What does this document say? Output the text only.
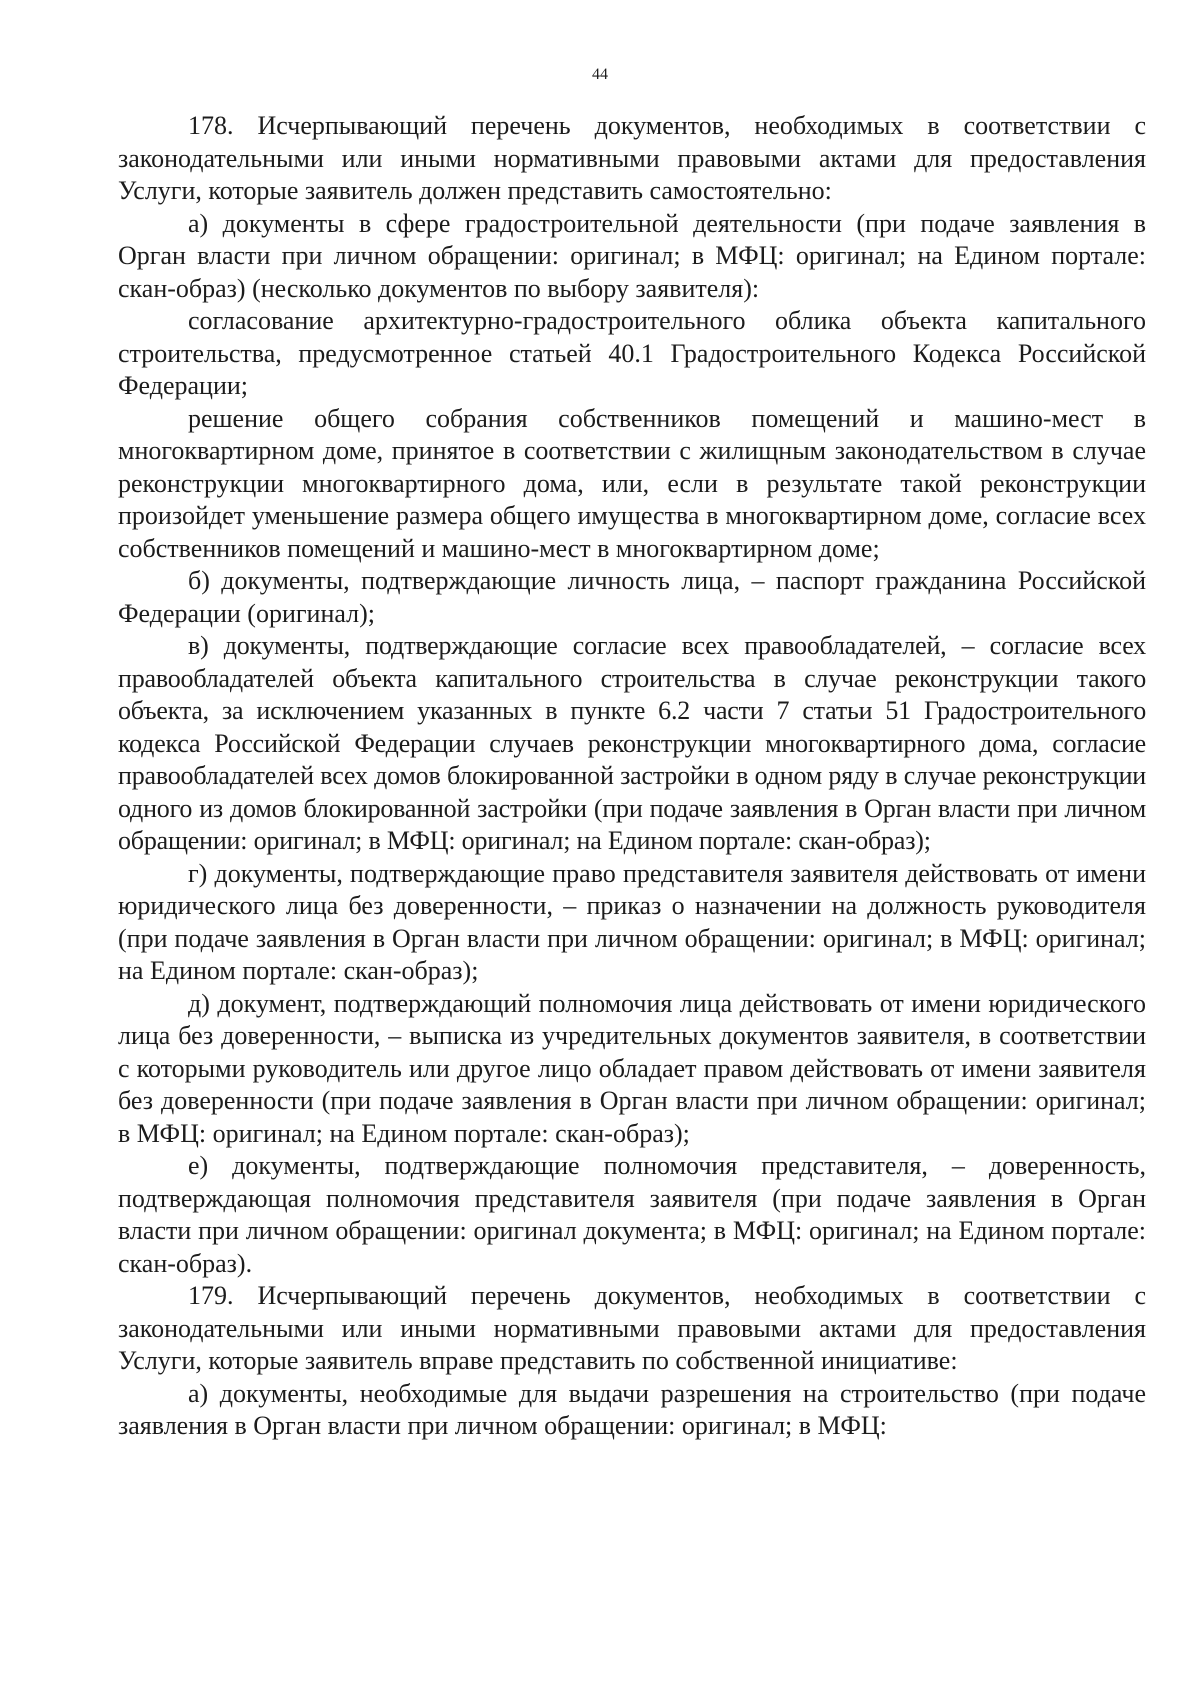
44

178. Исчерпывающий перечень документов, необходимых в соответствии с законодательными или иными нормативными правовыми актами для предоставления Услуги, которые заявитель должен представить самостоятельно:

а) документы в сфере градостроительной деятельности (при подаче заявления в Орган власти при личном обращении: оригинал; в МФЦ: оригинал; на Едином портале: скан-образ) (несколько документов по выбору заявителя):

согласование архитектурно-градостроительного облика объекта капитального строительства, предусмотренное статьей 40.1 Градостроительного Кодекса Российской Федерации;

решение общего собрания собственников помещений и машино-мест в многоквартирном доме, принятое в соответствии с жилищным законодательством в случае реконструкции многоквартирного дома, или, если в результате такой реконструкции произойдет уменьшение размера общего имущества в многоквартирном доме, согласие всех собственников помещений и машино-мест в многоквартирном доме;

б) документы, подтверждающие личность лица, – паспорт гражданина Российской Федерации (оригинал);

в) документы, подтверждающие согласие всех правообладателей, – согласие всех правообладателей объекта капитального строительства в случае реконструкции такого объекта, за исключением указанных в пункте 6.2 части 7 статьи 51 Градостроительного кодекса Российской Федерации случаев реконструкции многоквартирного дома, согласие правообладателей всех домов блокированной застройки в одном ряду в случае реконструкции одного из домов блокированной застройки (при подаче заявления в Орган власти при личном обращении: оригинал; в МФЦ: оригинал; на Едином портале: скан-образ);

г) документы, подтверждающие право представителя заявителя действовать от имени юридического лица без доверенности, – приказ о назначении на должность руководителя (при подаче заявления в Орган власти при личном обращении: оригинал; в МФЦ: оригинал; на Едином портале: скан-образ);

д) документ, подтверждающий полномочия лица действовать от имени юридического лица без доверенности, – выписка из учредительных документов заявителя, в соответствии с которыми руководитель или другое лицо обладает правом действовать от имени заявителя без доверенности (при подаче заявления в Орган власти при личном обращении: оригинал; в МФЦ: оригинал; на Едином портале: скан-образ);

е) документы, подтверждающие полномочия представителя, – доверенность, подтверждающая полномочия представителя заявителя (при подаче заявления в Орган власти при личном обращении: оригинал документа; в МФЦ: оригинал; на Едином портале: скан-образ).

179. Исчерпывающий перечень документов, необходимых в соответствии с законодательными или иными нормативными правовыми актами для предоставления Услуги, которые заявитель вправе представить по собственной инициативе:

а) документы, необходимые для выдачи разрешения на строительство (при подаче заявления в Орган власти при личном обращении: оригинал; в МФЦ:
